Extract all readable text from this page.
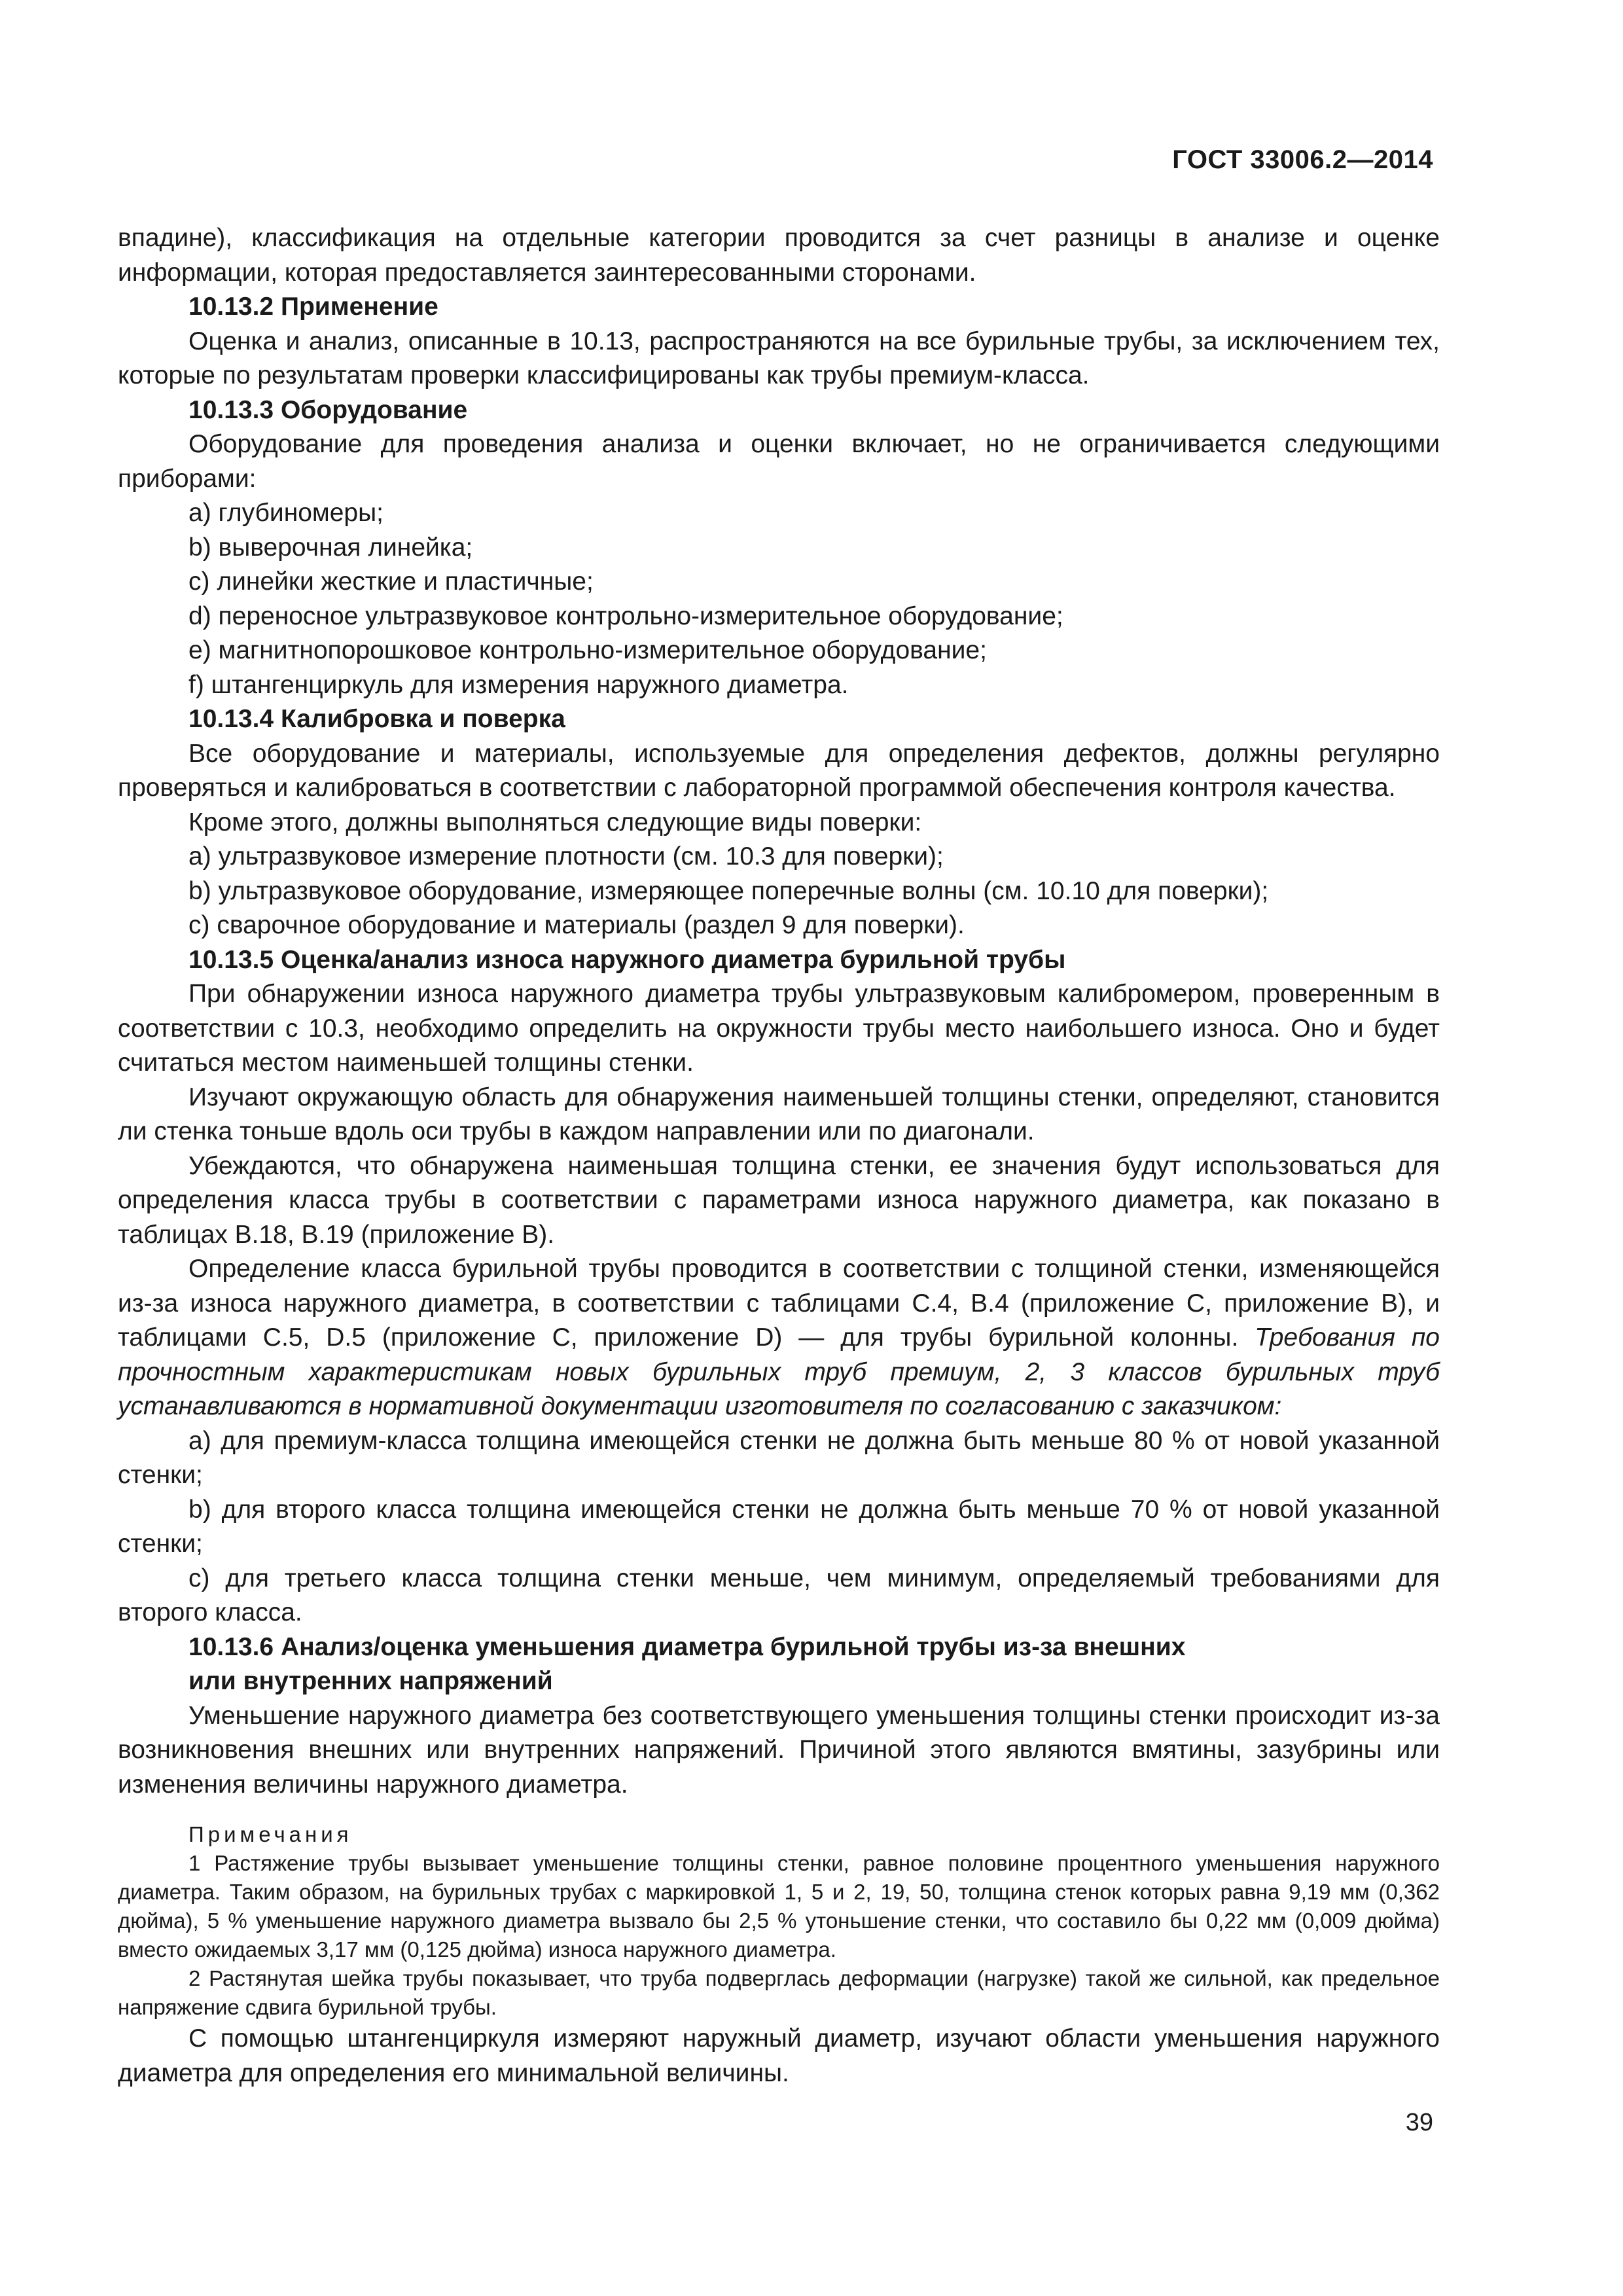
ГОСТ 33006.2—2014

впадине), классификация на отдельные категории проводится за счет разницы в анализе и оценке информации, которая предоставляется заинтересованными сторонами.

10.13.2 Применение

Оценка и анализ, описанные в 10.13, распространяются на все бурильные трубы, за исключением тех, которые по результатам проверки классифицированы как трубы премиум-класса.

10.13.3 Оборудование

Оборудование для проведения анализа и оценки включает, но не ограничивается следующими приборами:

a) глубиномеры;

b) выверочная линейка;

c) линейки жесткие и пластичные;

d) переносное ультразвуковое контрольно-измерительное оборудование;

e) магнитнопорошковое контрольно-измерительное оборудование;

f) штангенциркуль для измерения наружного диаметра.

10.13.4 Калибровка и поверка

Все оборудование и материалы, используемые для определения дефектов, должны регулярно проверяться и калиброваться в соответствии с лабораторной программой обеспечения контроля качества.

Кроме этого, должны выполняться следующие виды поверки:

a) ультразвуковое измерение плотности (см. 10.3 для поверки);

b) ультразвуковое оборудование, измеряющее поперечные волны (см. 10.10 для поверки);

c) сварочное оборудование и материалы (раздел 9 для поверки).

10.13.5 Оценка/анализ износа наружного диаметра бурильной трубы

При обнаружении износа наружного диаметра трубы ультразвуковым калибромером, проверенным в соответствии с 10.3, необходимо определить на окружности трубы место наибольшего износа. Оно и будет считаться местом наименьшей толщины стенки.

Изучают окружающую область для обнаружения наименьшей толщины стенки, определяют, становится ли стенка тоньше вдоль оси трубы в каждом направлении или по диагонали.

Убеждаются, что обнаружена наименьшая толщина стенки, ее значения будут использоваться для определения класса трубы в соответствии с параметрами износа наружного диаметра, как показано в таблицах В.18, В.19 (приложение В).

Определение класса бурильной трубы проводится в соответствии с толщиной стенки, изменяющейся из-за износа наружного диаметра, в соответствии с таблицами С.4, В.4 (приложение С, приложение В), и таблицами С.5, D.5 (приложение С, приложение D) — для трубы бурильной колонны. Требования по прочностным характеристикам новых бурильных труб премиум, 2, 3 классов бурильных труб устанавливаются в нормативной документации изготовителя по согласованию с заказчиком:

a) для премиум-класса толщина имеющейся стенки не должна быть меньше 80 % от новой указанной стенки;

b) для второго класса толщина имеющейся стенки не должна быть меньше 70 % от новой указанной стенки;

c) для третьего класса толщина стенки меньше, чем минимум, определяемый требованиями для второго класса.

10.13.6 Анализ/оценка уменьшения диаметра бурильной трубы из-за внешних

или внутренних напряжений

Уменьшение наружного диаметра без соответствующего уменьшения толщины стенки происходит из-за возникновения внешних или внутренних напряжений. Причиной этого являются вмятины, зазубрины или изменения величины наружного диаметра.

Примечания

1 Растяжение трубы вызывает уменьшение толщины стенки, равное половине процентного уменьшения наружного диаметра. Таким образом, на бурильных трубах с маркировкой 1, 5 и 2, 19, 50, толщина стенок которых равна 9,19 мм (0,362 дюйма), 5 % уменьшение наружного диаметра вызвало бы 2,5 % утоньшение стенки, что составило бы 0,22 мм (0,009 дюйма) вместо ожидаемых 3,17 мм (0,125 дюйма) износа наружного диаметра.

2 Растянутая шейка трубы показывает, что труба подверглась деформации (нагрузке) такой же сильной, как предельное напряжение сдвига бурильной трубы.

С помощью штангенциркуля измеряют наружный диаметр, изучают области уменьшения наружного диаметра для определения его минимальной величины.

39
